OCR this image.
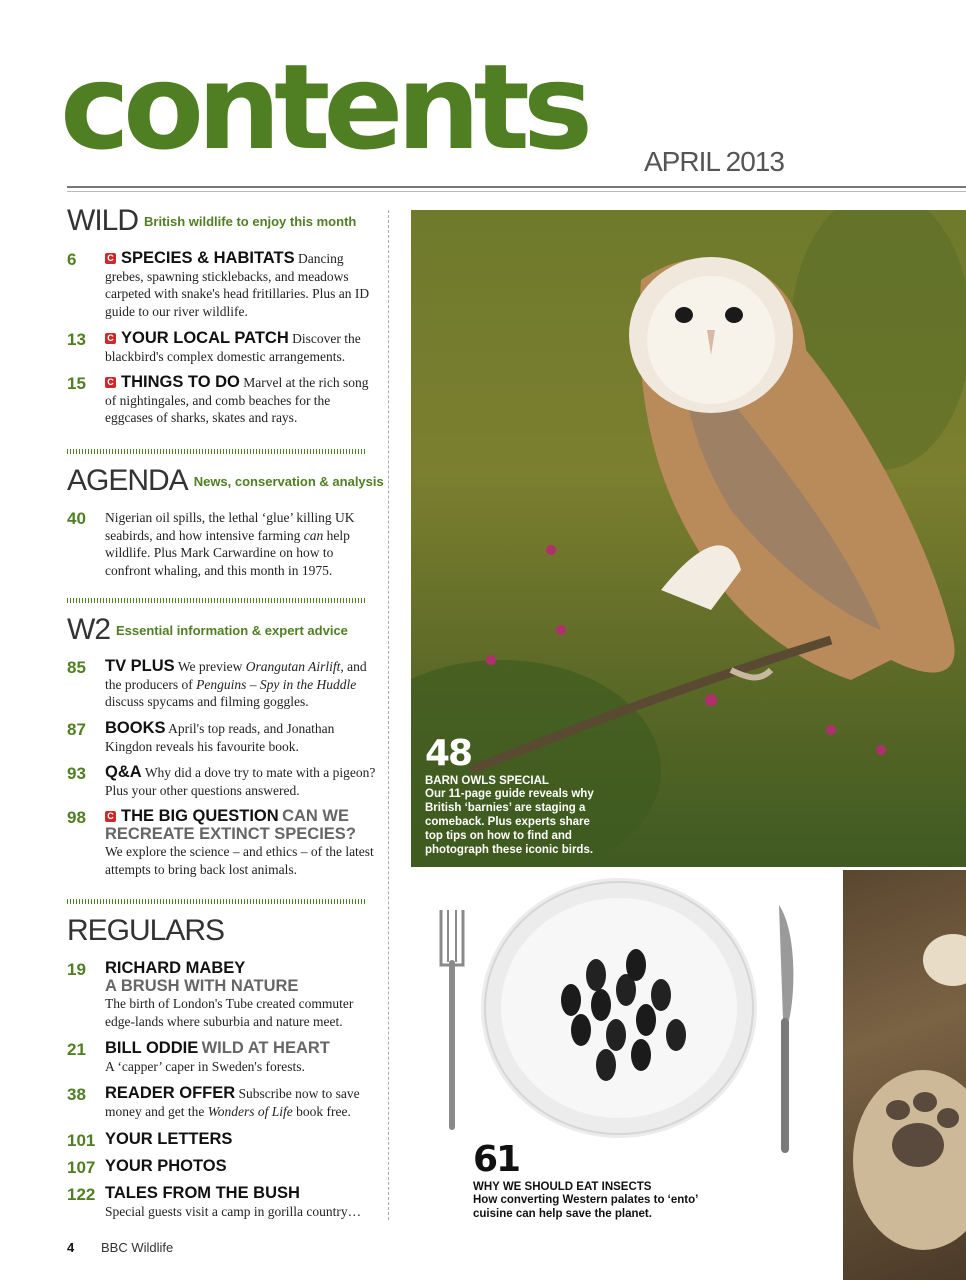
contents APRIL 2013
WILD $^{British wildlife to enjoy this month}$
6	C SPECIES & HABITATS Dancing grebes, spawning sticklebacks, and meadows carpeted with snake's head fritillaries. Plus an ID guide to our river wildlife.
13 C YOUR LOCAL PATCH Discover the blackbird's complex domestic arrangements.
15 C THINGS TO DO Marvel at the rich song of nightingales, and comb beaches for the eggcases of sharks, skates and rays.
AGENDA $^{News, conservation \& analysis}$
40 Nigerian oil spills, the lethal ‘glue’ killing UK seabirds, and how intensive farming can help wildlife. Plus Mark Carwardine on how to confront whaling, and this month in 1975.
W2 $^{Essential information \& expert advice}$
85 TV PLUS We preview Orangutan Airlift, and the producers of Penguins – Spy in the Huddle discuss spycams and filming goggles.
87 BOOKS April's top reads, and Jonathan Kingdon reveals his favourite book.
93 Q&A Why did a dove try to mate with a pigeon? Plus your other questions answered.
98 C THE BIG QUESTION CAN WE RECREATE EXTINCT SPECIES?
We explore the science – and ethics – of the latest attempts to bring back lost animals.
REGULARS
19 RICHARD MABEY
A BRUSH WITH NATURE
The birth of London's Tube created commuter edge-lands where suburbia and nature meet.
21 BILL ODDIE WILD AT HEART
A ‘capper’ caper in Sweden's forests.
38 READER OFFER Subscribe now to save money and get the Wonders of Life book free.
101 YOUR LETTERS
107 YOUR PHOTOS
122 TALES FROM THE BUSH
Special guests visit a camp in gorilla country…
48
BARN OWLS SPECIAL
Our 11-page guide reveals why British ‘barnies’ are staging a comeback. Plus experts share top tips on how to find and photograph these iconic birds.
61
WHY WE SHOULD EAT INSECTS
How converting Western palates to ‘ento’ cuisine can help save the planet.
4 BBC Wildlife
